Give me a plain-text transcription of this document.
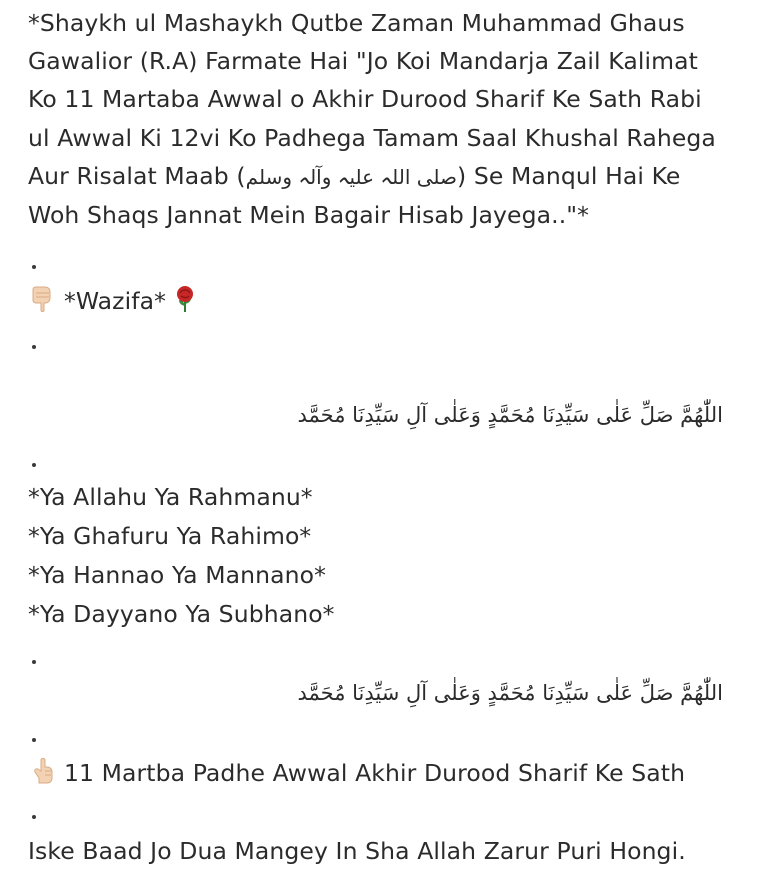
*Shaykh ul Mashaykh Qutbe Zaman Muhammad Ghaus
Gawalior (R.A) Farmate Hai "Jo Koi Mandarja Zail Kalimat
Ko 11 Martaba Awwal o Akhir Durood Sharif Ke Sath Rabi
ul Awwal Ki 12vi Ko Padhega Tamam Saal Khushal Rahega
Aur Risalat Maab (صلی اللہ علیہ وآلہ وسلم) Se Manqul Hai Ke
Woh Shaqs Jannat Mein Bagair Hisab Jayega.."*
*Wazifa*
اللّٰهُمَّ صَلِّ عَلٰى سَيِّدِنَا مُحَمَّدٍ وَعَلٰى آلِ سَيِّدِنَا مُحَمَّد
*Ya Allahu Ya Rahmanu*
*Ya Ghafuru Ya Rahimo*
*Ya Hannao Ya Mannano*
*Ya Dayyano Ya Subhano*
اللّٰهُمَّ صَلِّ عَلٰى سَيِّدِنَا مُحَمَّدٍ وَعَلٰى آلِ سَيِّدِنَا مُحَمَّد
11 Martba Padhe Awwal Akhir Durood Sharif Ke Sath
Iske Baad Jo Dua Mangey In Sha Allah Zarur Puri Hongi.
